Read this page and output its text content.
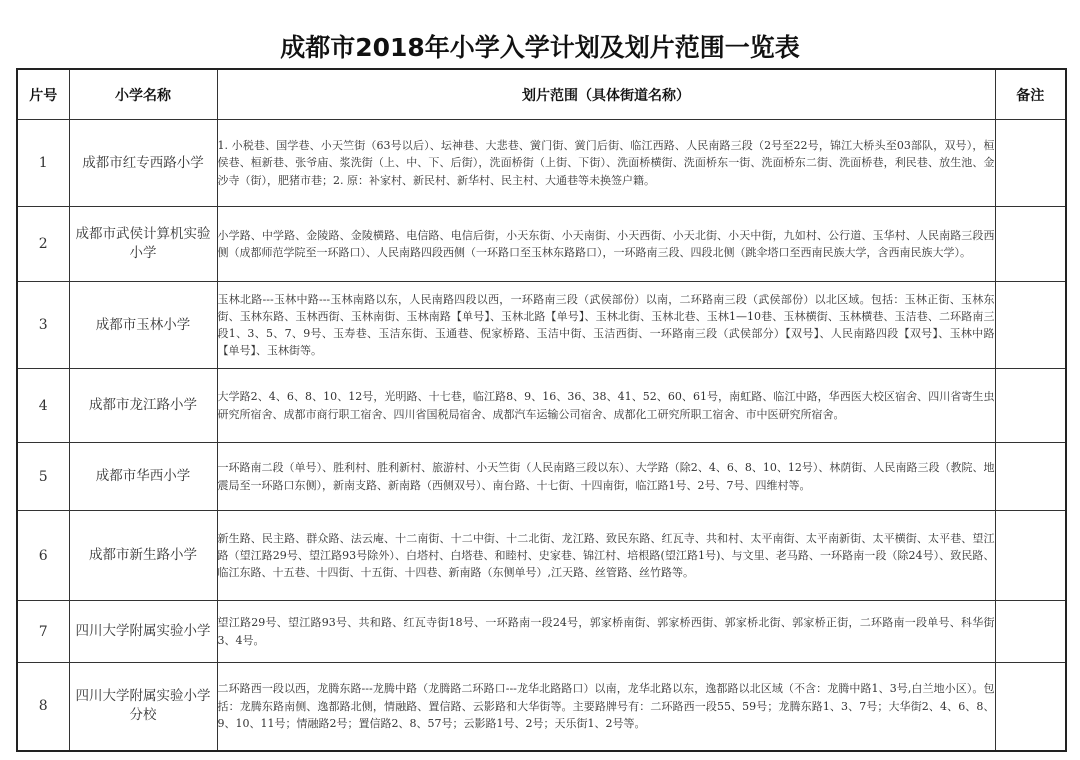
成都市2018年小学入学计划及划片范围一览表
片号	小学名称	划片范围（具体街道名称）	备注
1	成都市红专西路小学	1. 小税巷、国学巷、小天竺街（63号以后）、坛神巷、大悲巷、黉门街、黉门后街、临江西路、人民南路三段（2号至22号，锦江大桥头至03部队，双号），桓侯巷、桓新巷、张爷庙、浆洗街（上、中、下、后街），洗面桥街（上街、下街）、洗面桥横街、洗面桥东一街、洗面桥东二街、洗面桥巷，利民巷、放生池、金沙寺（街），肥猪市巷；2. 原：补家村、新民村、新华村、民主村、大通巷等未换签户籍。	
2	成都市武侯计算机实验小学	小学路、中学路、金陵路、金陵横路、电信路、电信后街，小天东街、小天南街、小天西街、小天北街、小天中街，九如村、公行道、玉华村、人民南路三段西侧（成都师范学院至一环路口）、人民南路四段西侧（一环路口至玉林东路路口），一环路南三段、四段北侧（跳伞塔口至西南民族大学，含西南民族大学）。	
3	成都市玉林小学	玉林北路---玉林中路---玉林南路以东，人民南路四段以西，一环路南三段（武侯部份）以南，二环路南三段（武侯部份）以北区域。包括：玉林正街、玉林东街、玉林东路、玉林西街、玉林南街、玉林南路【单号】、玉林北路【单号】、玉林北街、玉林北巷、玉林1—10巷、玉林横街、玉林横巷、玉洁巷、二环路南三段1、3、5、7、9号、玉寿巷、玉洁东街、玉通巷、倪家桥路、玉洁中街、玉洁西街、一环路南三段（武侯部分）【双号】、人民南路四段【双号】、玉林中路【单号】、玉林街等。	
4	成都市龙江路小学	大学路2、4、6、8、10、12号，光明路、十七巷，临江路8、9、16、36、38、41、52、60、61号，南虹路、临江中路，华西医大校区宿舍、四川省寄生虫研究所宿舍、成都市商行职工宿舍、四川省国税局宿舍、成都汽车运输公司宿舍、成都化工研究所职工宿舍、市中医研究所宿舍。	
5	成都市华西小学	一环路南二段（单号）、胜利村、胜利新村、旅游村、小天竺街（人民南路三段以东）、大学路（除2、4、6、8、10、12号）、林荫街、人民南路三段（教院、地震局至一环路口东侧），新南支路、新南路（西侧双号）、南台路、十七街、十四南街，临江路1号、2号、7号、四维村等。	
6	成都市新生路小学	新生路、民主路、群众路、法云庵、十二南街、十二中街、十二北街、龙江路、致民东路、红瓦寺、共和村、太平南街、太平南新街、太平横街、太平巷、望江路（望江路29号、望江路93号除外）、白塔村、白塔巷、和睦村、史家巷、锦江村、培根路(望江路1号)、与文里、老马路、一环路南一段（除24号）、致民路、临江东路、十五巷、十四街、十五街、十四巷、新南路（东侧单号）,江天路、丝管路、丝竹路等。	
7	四川大学附属实验小学	望江路29号、望江路93号、共和路、红瓦寺街18号、一环路南一段24号，郭家桥南街、郭家桥西街、郭家桥北街、郭家桥正街，二环路南一段单号、科华街3、4号。	
8	四川大学附属实验小学分校	二环路西一段以西，龙腾东路---龙腾中路（龙腾路二环路口---龙华北路路口）以南，龙华北路以东，逸都路以北区域（不含：龙腾中路1、3号,白兰地小区）。包括：龙腾东路南侧、逸都路北侧，情融路、置信路、云影路和大华街等。主要路牌号有：二环路西一段55、59号；龙腾东路1、3、7号；大华街2、4、6、8、9、10、11号；情融路2号；置信路2、8、57号；云影路1号、2号；天乐街1、2号等。	
